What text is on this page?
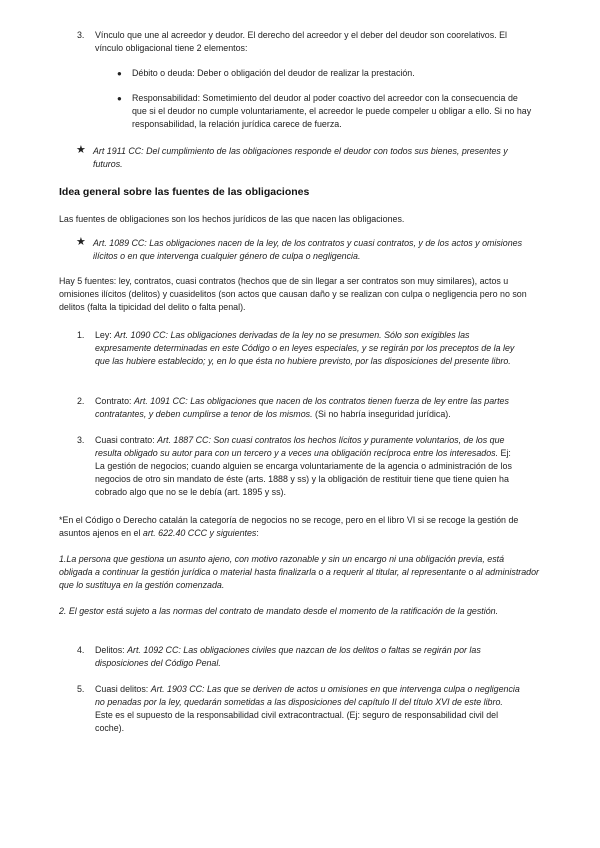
3. Vínculo que une al acreedor y deudor. El derecho del acreedor y el deber del deudor son coorelativos. El vínculo obligacional tiene 2 elementos:

● Débito o deuda: Deber o obligación del deudor de realizar la prestación.

● Responsabilidad: Sometimiento del deudor al poder coactivo del acreedor con la consecuencia de que si el deudor no cumple voluntariamente, el acreedor le puede compeler u obligar a ello. Si no hay responsabilidad, la relación jurídica carece de fuerza.

★ Art 1911 CC: Del cumplimiento de las obligaciones responde el deudor con todos sus bienes, presentes y futuros.

Idea general sobre las fuentes de las obligaciones

Las fuentes de obligaciones son los hechos jurídicos de las que nacen las obligaciones.

★ Art. 1089 CC: Las obligaciones nacen de la ley, de los contratos y cuasi contratos, y de los actos y omisiones ilícitos o en que intervenga cualquier género de culpa o negligencia.

Hay 5 fuentes: ley, contratos, cuasi contratos (hechos que de sin llegar a ser contratos son muy similares), actos u omisiones ilícitos (delitos) y cuasidelitos (son actos que causan daño y se realizan con culpa o negligencia pero no son delitos (falta la tipicidad del delito o falta penal).

1. Ley: Art. 1090 CC: Las obligaciones derivadas de la ley no se presumen. Sólo son exigibles las expresamente determinadas en este Código o en leyes especiales, y se regirán por los preceptos de la ley que las hubiere establecido; y, en lo que ésta no hubiere previsto, por las disposiciones del presente libro.

2. Contrato: Art. 1091 CC: Las obligaciones que nacen de los contratos tienen fuerza de ley entre las partes contratantes, y deben cumplirse a tenor de los mismos. (Si no habría inseguridad jurídica).

3. Cuasi contrato: Art. 1887 CC: Son cuasi contratos los hechos lícitos y puramente voluntarios, de los que resulta obligado su autor para con un tercero y a veces una obligación recíproca entre los interesados. Ej: La gestión de negocios; cuando alguien se encarga voluntariamente de la agencia o administración de los negocios de otro sin mandato de éste (arts. 1888 y ss) y la obligación de restituir tiene que tiene quien ha cobrado algo que no se le debía (art. 1895 y ss).

*En el Código o Derecho catalán la categoría de negocios no se recoge, pero en el libro VI si se recoge la gestión de asuntos ajenos en el art. 622.40 CCC y siguientes:

1.La persona que gestiona un asunto ajeno, con motivo razonable y sin un encargo ni una obligación previa, está obligada a continuar la gestión jurídica o material hasta finalizarla o a requerir al titular, al representante o al administrador que lo sustituya en la gestión comenzada.

2. El gestor está sujeto a las normas del contrato de mandato desde el momento de la ratificación de la gestión.

4. Delitos: Art. 1092 CC: Las obligaciones civiles que nazcan de los delitos o faltas se regirán por las disposiciones del Código Penal.

5. Cuasi delitos: Art. 1903 CC: Las que se deriven de actos u omisiones en que intervenga culpa o negligencia no penadas por la ley, quedarán sometidas a las disposiciones del capítulo II del título XVI de este libro. Este es el supuesto de la responsabilidad civil extracontractual. (Ej: seguro de responsabilidad civil del coche).
